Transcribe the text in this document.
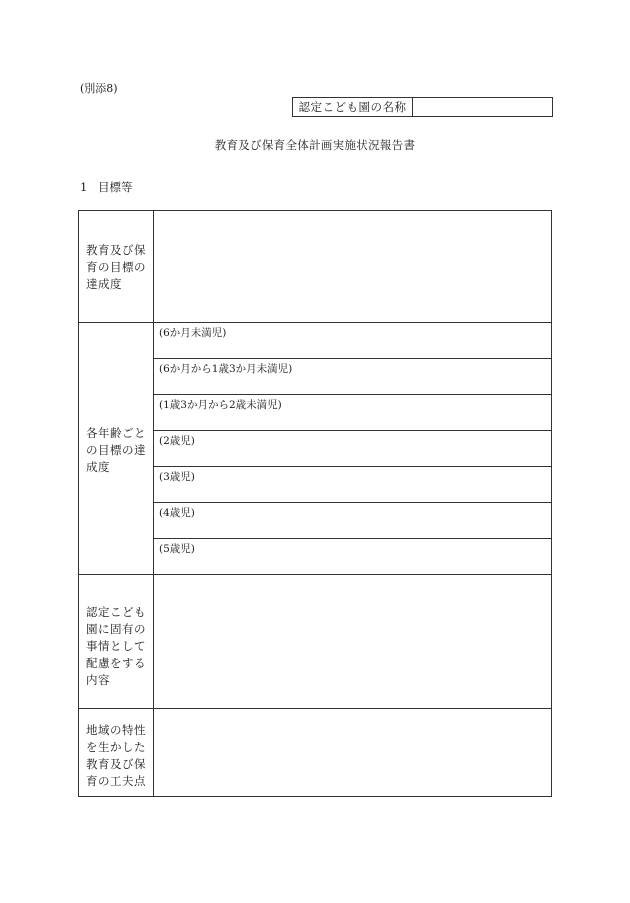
(別添8)
認定こども園の名称
教育及び保育全体計画実施状況報告書
1 目標等
教育及び保育の目標の達成度
各年齢ごとの目標の達成度
認定こども園に固有の事情として配慮をする内容
地域の特性を生かした教育及び保育の工夫点
(6か月未満児)
(6か月から1歳3か月未満児)
(1歳3か月から2歳未満児)
(2歳児)
(3歳児)
(4歳児)
(5歳児)
